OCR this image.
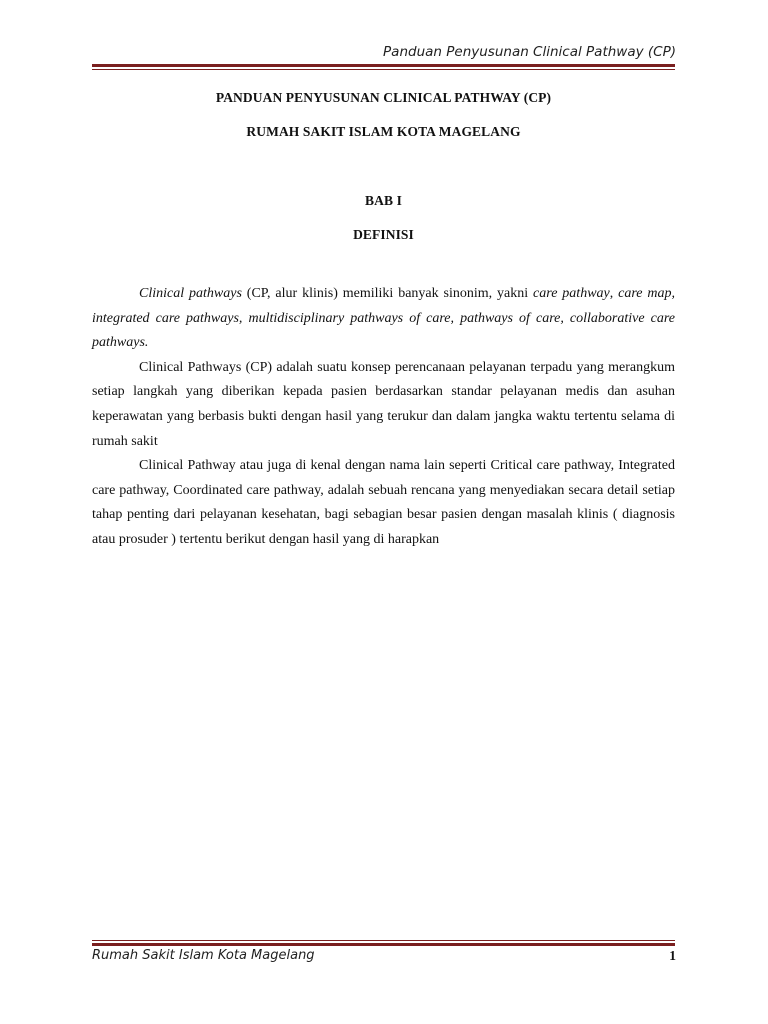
Panduan Penyusunan Clinical Pathway (CP)
PANDUAN PENYUSUNAN CLINICAL PATHWAY (CP)
RUMAH SAKIT ISLAM KOTA MAGELANG
BAB I
DEFINISI

Clinical pathways (CP, alur klinis) memiliki banyak sinonim, yakni care pathway, care map, integrated care pathways, multidisciplinary pathways of care, pathways of care, collaborative care pathways.

Clinical Pathways (CP) adalah suatu konsep perencanaan pelayanan terpadu yang merangkum setiap langkah yang diberikan kepada pasien berdasarkan standar pelayanan medis dan asuhan keperawatan yang berbasis bukti dengan hasil yang terukur dan dalam jangka waktu tertentu selama di rumah sakit

Clinical Pathway atau juga di kenal dengan nama lain seperti Critical care pathway, Integrated care pathway, Coordinated care pathway, adalah sebuah rencana yang menyediakan secara detail setiap tahap penting dari pelayanan kesehatan, bagi sebagian besar pasien dengan masalah klinis ( diagnosis atau prosuder ) tertentu berikut dengan hasil yang di harapkan

Rumah Sakit Islam Kota Magelang	1
